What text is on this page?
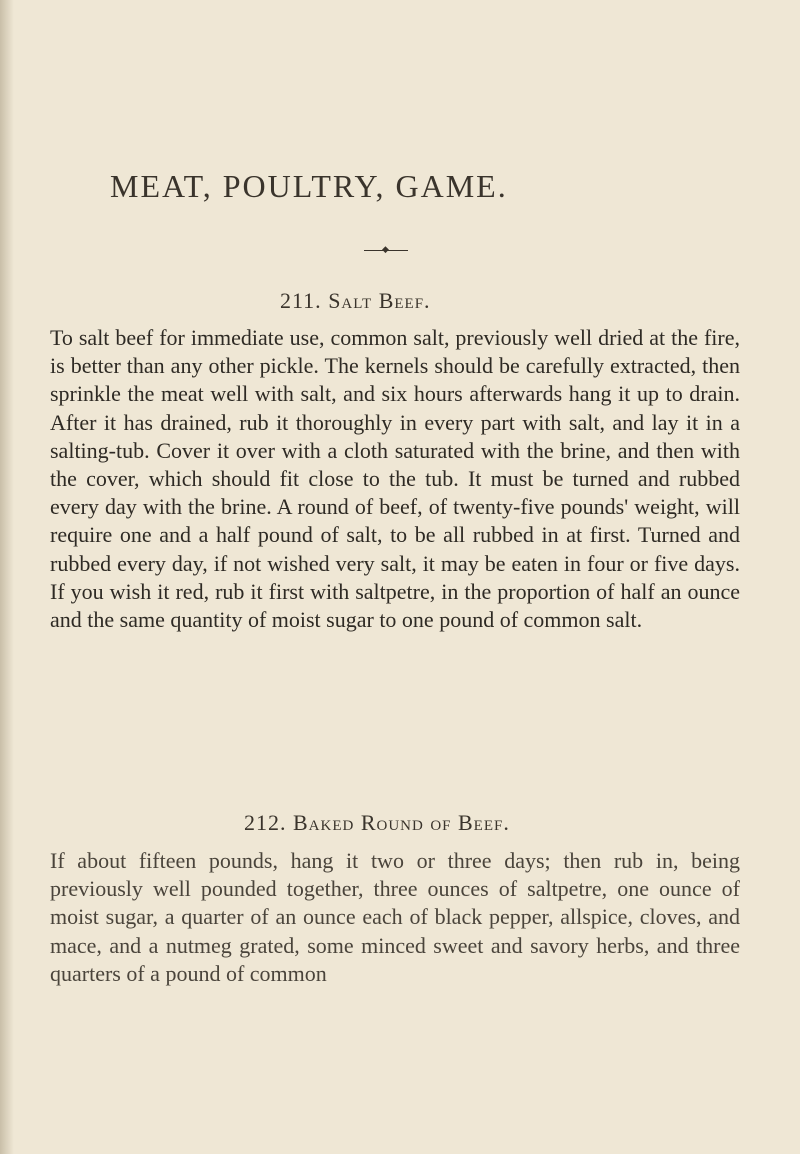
MEAT, POULTRY, GAME.
◆
211. Salt Beef.

To salt beef for immediate use, common salt, previously well dried at the fire, is better than any other pickle. The kernels should be carefully extracted, then sprinkle the meat well with salt, and six hours afterwards hang it up to drain. After it has drained, rub it thoroughly in every part with salt, and lay it in a salting-tub. Cover it over with a cloth saturated with the brine, and then with the cover, which should fit close to the tub. It must be turned and rubbed every day with the brine. A round of beef, of twenty-five pounds' weight, will require one and a half pound of salt, to be all rubbed in at first. Turned and rubbed every day, if not wished very salt, it may be eaten in four or five days. If you wish it red, rub it first with saltpetre, in the proportion of half an ounce and the same quantity of moist sugar to one pound of common salt.

212. Baked Round of Beef.

If about fifteen pounds, hang it two or three days; then rub in, being previously well pounded together, three ounces of saltpetre, one ounce of moist sugar, a quarter of an ounce each of black pepper, allspice, cloves, and mace, and a nutmeg grated, some minced sweet and savory herbs, and three quarters of a pound of common
